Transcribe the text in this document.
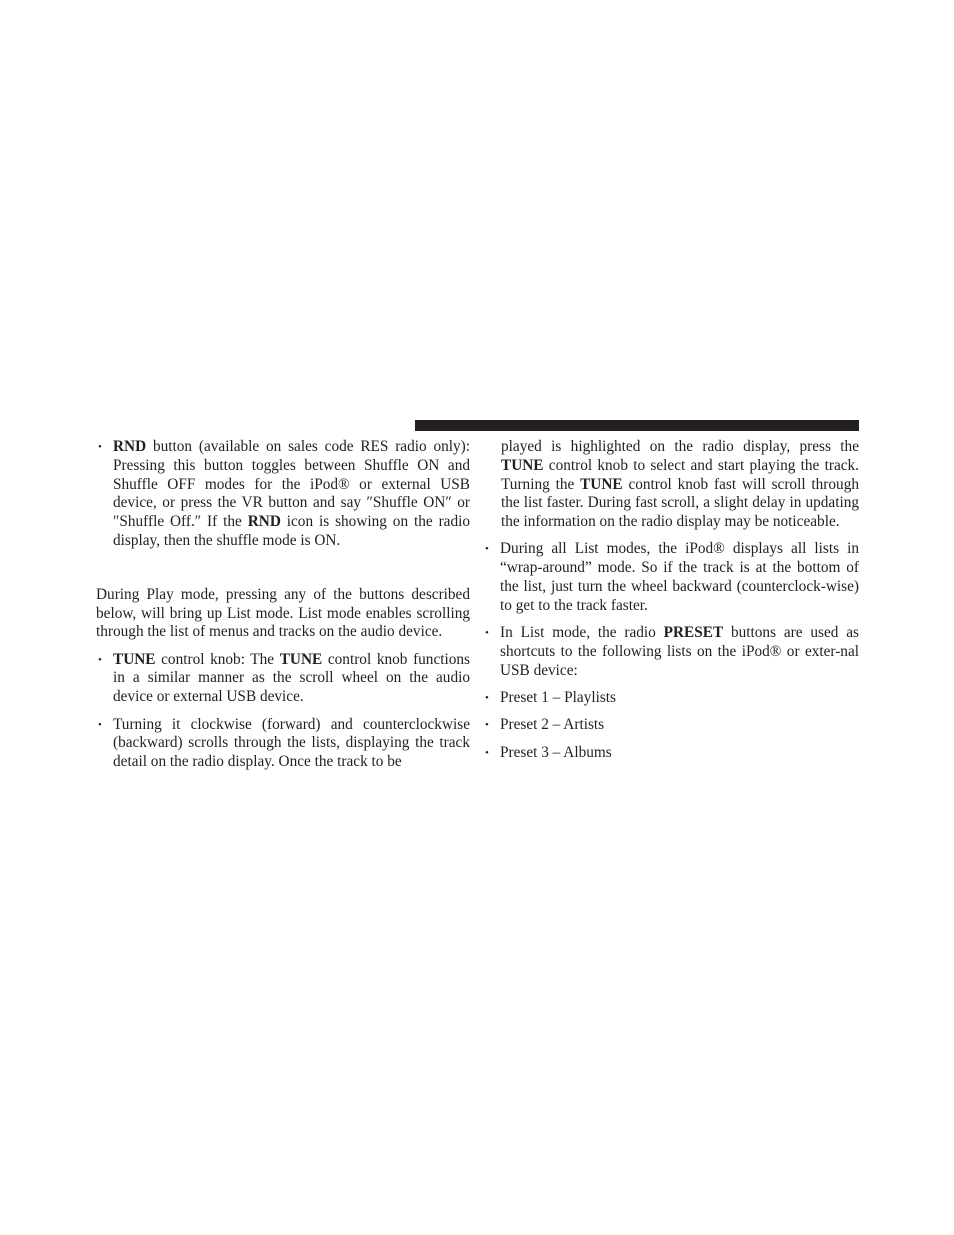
• RND button (available on sales code RES radio only): Pressing this button toggles between Shuffle ON and Shuffle OFF modes for the iPod® or external USB device, or press the VR button and say ″Shuffle ON″ or ″Shuffle Off.″ If the RND icon is showing on the radio display, then the shuffle mode is ON.

During Play mode, pressing any of the buttons described below, will bring up List mode. List mode enables scrolling through the list of menus and tracks on the audio device.

• TUNE control knob: The TUNE control knob functions in a similar manner as the scroll wheel on the audio device or external USB device.
• Turning it clockwise (forward) and counterclockwise (backward) scrolls through the lists, displaying the track detail on the radio display. Once the track to be
played is highlighted on the radio display, press the TUNE control knob to select and start playing the track. Turning the TUNE control knob fast will scroll through the list faster. During fast scroll, a slight delay in updating the information on the radio display may be noticeable.
• During all List modes, the iPod® displays all lists in “wrap-around” mode. So if the track is at the bottom of the list, just turn the wheel backward (counterclock-wise) to get to the track faster.
• In List mode, the radio PRESET buttons are used as shortcuts to the following lists on the iPod® or exter-nal USB device:
• Preset 1 – Playlists
• Preset 2 – Artists
• Preset 3 – Albums
